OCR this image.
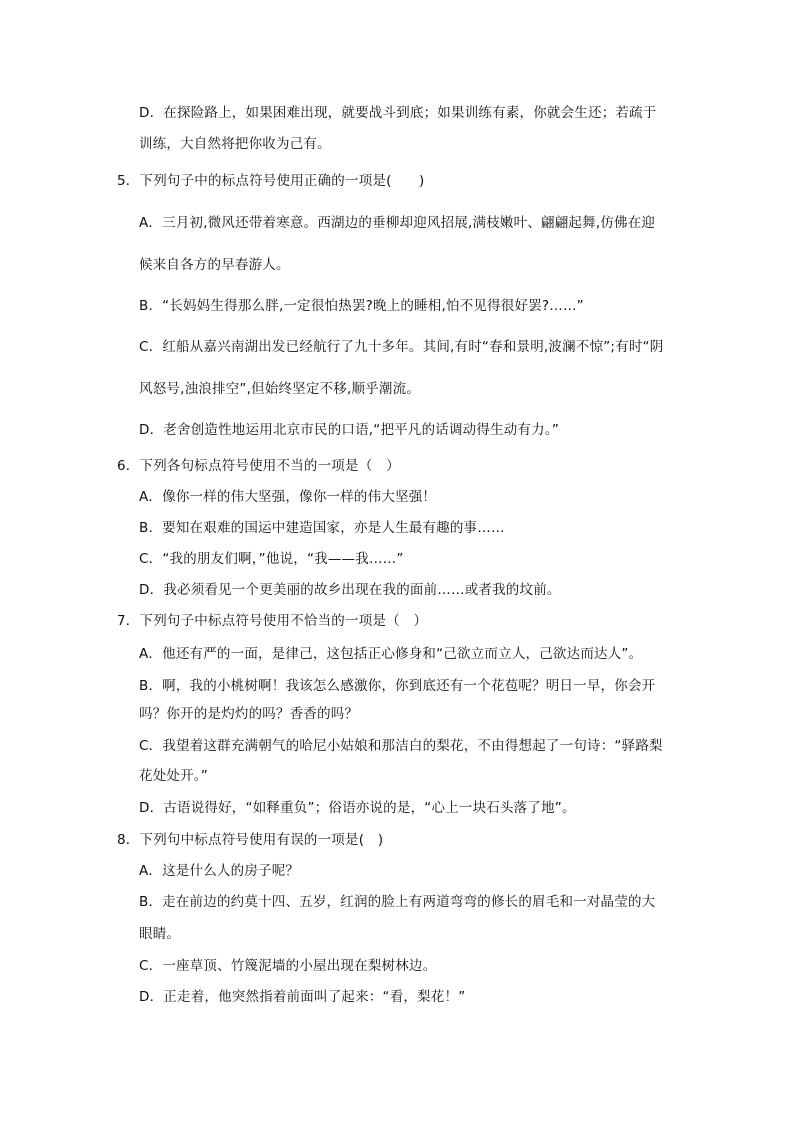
D．在探险路上，如果困难出现，就要战斗到底；如果训练有素，你就会生还；若疏于
训练，大自然将把你收为己有。
5．下列句子中的标点符号使用正确的一项是(　　)
A．三月初,微风还带着寒意。西湖边的垂柳却迎风招展,满枝嫩叶、翩翩起舞,仿佛在迎
候来自各方的早春游人。
B．“长妈妈生得那么胖,一定很怕热罢?晚上的睡相,怕不见得很好罢?……”
C．红船从嘉兴南湖出发已经航行了九十多年。其间,有时“春和景明,波澜不惊”;有时“阴
风怒号,浊浪排空”,但始终坚定不移,顺乎潮流。
D．老舍创造性地运用北京市民的口语,“把平凡的话调动得生动有力。”
6．下列各句标点符号使用不当的一项是（　）
A．像你一样的伟大坚强，像你一样的伟大坚强！
B．要知在艰难的国运中建造国家，亦是人生最有趣的事……
C．“我的朋友们啊，”他说，“我——我……”
D．我必须看见一个更美丽的故乡出现在我的面前……或者我的坟前。
7．下列句子中标点符号使用不恰当的一项是（　）
A．他还有严的一面，是律己，这包括正心修身和“己欲立而立人，己欲达而达人”。
B．啊，我的小桃树啊！我该怎么感激你，你到底还有一个花苞呢？明日一早，你会开
吗？你开的是灼灼的吗？香香的吗？
C．我望着这群充满朝气的哈尼小姑娘和那洁白的梨花，不由得想起了一句诗：“驿路梨
花处处开。”
D．古语说得好，“如释重负”；俗语亦说的是，“心上一块石头落了地”。
8．下列句中标点符号使用有误的一项是(　)
A．这是什么人的房子呢？
B．走在前边的约莫十四、五岁，红润的脸上有两道弯弯的修长的眉毛和一对晶莹的大
眼睛。
C．一座草顶、竹篾泥墙的小屋出现在梨树林边。
D．正走着，他突然指着前面叫了起来：“看，梨花！”
